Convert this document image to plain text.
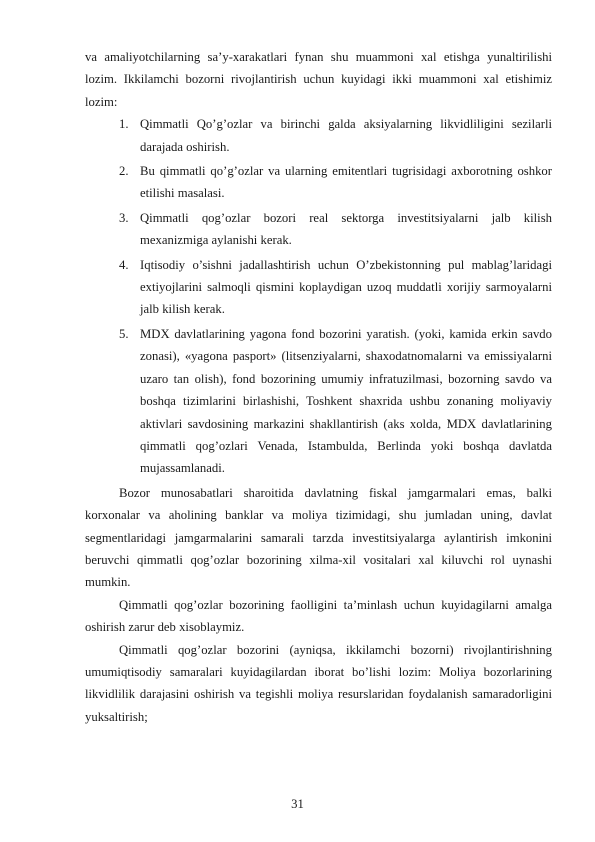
va amaliyotchilarning sa’y-xarakatlari fynan shu muammoni xal etishga yunaltirilishi lozim. Ikkilamchi bozorni rivojlantirish uchun kuyidagi ikki muammoni xal etishimiz lozim:

1. Qimmatli Qo’g’ozlar va birinchi galda aksiyalarning likvidliligini sezilarli darajada oshirish.
2. Bu qimmatli qo’g’ozlar va ularning emitentlari tugrisidagi axborotning oshkor etilishi masalasi.
3. Qimmatli qog’ozlar bozori real sektorga investitsiyalarni jalb kilish mexanizmiga aylanishi kerak.
4. Iqtisodiy o’sishni jadallashtirish uchun O’zbekistonning pul mablag’laridagi extiyojlarini salmoqli qismini koplaydigan uzoq muddatli xorijiy sarmoyalarni jalb kilish kerak.
5. MDX davlatlarining yagona fond bozorini yaratish. (yoki, kamida erkin savdo zonasi), «yagona pasport» (litsenziyalarni, shaxodatnomalarni va emissiyalarni uzaro tan olish), fond bozorining umumiy infratuzilmasi, bozorning savdo va boshqa tizimlarini birlashishi, Toshkent shaxrida ushbu zonaning moliyaviy aktivlari savdosining markazini shakllantirish (aks xolda, MDX davlatlarining qimmatli qog’ozlari Venada, Istambulda, Berlinda yoki boshqa davlatda mujassamlanadi.

Bozor munosabatlari sharoitida davlatning fiskal jamgarmalari emas, balki korxonalar va aholining banklar va moliya tizimidagi, shu jumladan uning, davlat segmentlaridagi jamgarmalarini samarali tarzda investitsiyalarga aylantirish imkonini beruvchi qimmatli qog’ozlar bozorining xilma-xil vositalari xal kiluvchi rol uynashi mumkin.

Qimmatli qog’ozlar bozorining faolligini ta’minlash uchun kuyidagilarni amalga oshirish zarur deb xisoblaymiz.

Qimmatli qog’ozlar bozorini (ayniqsa, ikkilamchi bozorni) rivojlantirishning umumiqtisodiy samaralari kuyidagilardan iborat bo’lishi lozim: Moliya bozorlarining likvidlilik darajasini oshirish va tegishli moliya resurslaridan foydalanish samaradorligini yuksaltirish;

31
